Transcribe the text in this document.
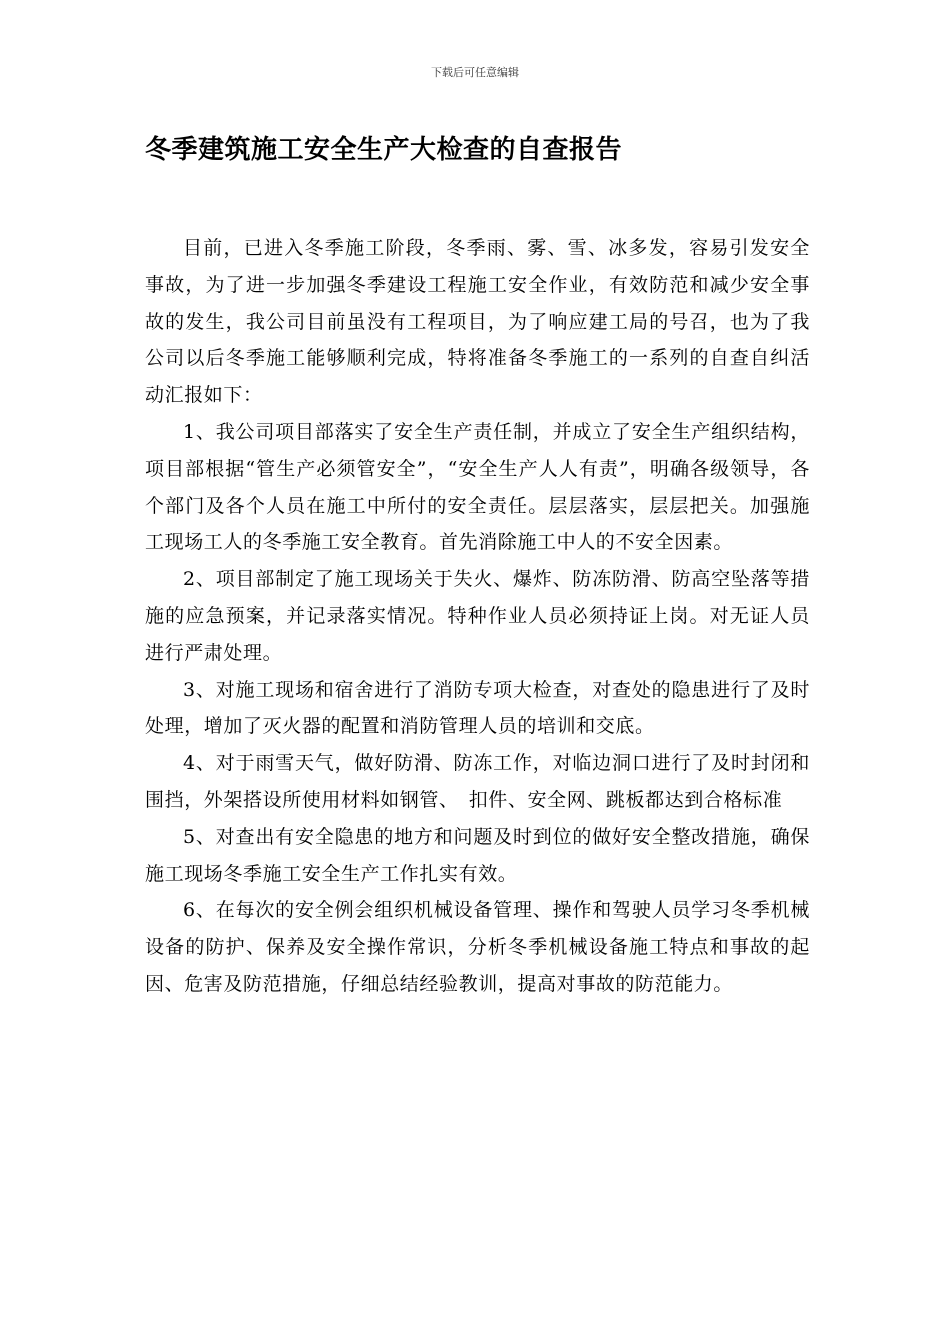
下载后可任意编辑
冬季建筑施工安全生产大检查的自查报告

目前，已进入冬季施工阶段，冬季雨、雾、雪、冰多发，容易引发安全事故，为了进一步加强冬季建设工程施工安全作业，有效防范和减少安全事故的发生，我公司目前虽没有工程项目，为了响应建工局的号召，也为了我公司以后冬季施工能够顺利完成，特将准备冬季施工的一系列的自查自纠活动汇报如下：

1、我公司项目部落实了安全生产责任制，并成立了安全生产组织结构，项目部根据“管生产必须管安全”，“安全生产人人有责”，明确各级领导，各个部门及各个人员在施工中所付的安全责任。层层落实，层层把关。加强施工现场工人的冬季施工安全教育。首先消除施工中人的不安全因素。

2、项目部制定了施工现场关于失火、爆炸、防冻防滑、防高空坠落等措施的应急预案，并记录落实情况。特种作业人员必须持证上岗。对无证人员进行严肃处理。

3、对施工现场和宿舍进行了消防专项大检查，对查处的隐患进行了及时处理，增加了灭火器的配置和消防管理人员的培训和交底。

4、对于雨雪天气，做好防滑、防冻工作，对临边洞口进行了及时封闭和围挡，外架搭设所使用材料如钢管、　扣件、安全网、跳板都达到合格标准

5、对查出有安全隐患的地方和问题及时到位的做好安全整改措施，确保施工现场冬季施工安全生产工作扎实有效。

6、在每次的安全例会组织机械设备管理、操作和驾驶人员学习冬季机械设备的防护、保养及安全操作常识，分析冬季机械设备施工特点和事故的起因、危害及防范措施，仔细总结经验教训，提高对事故的防范能力。
